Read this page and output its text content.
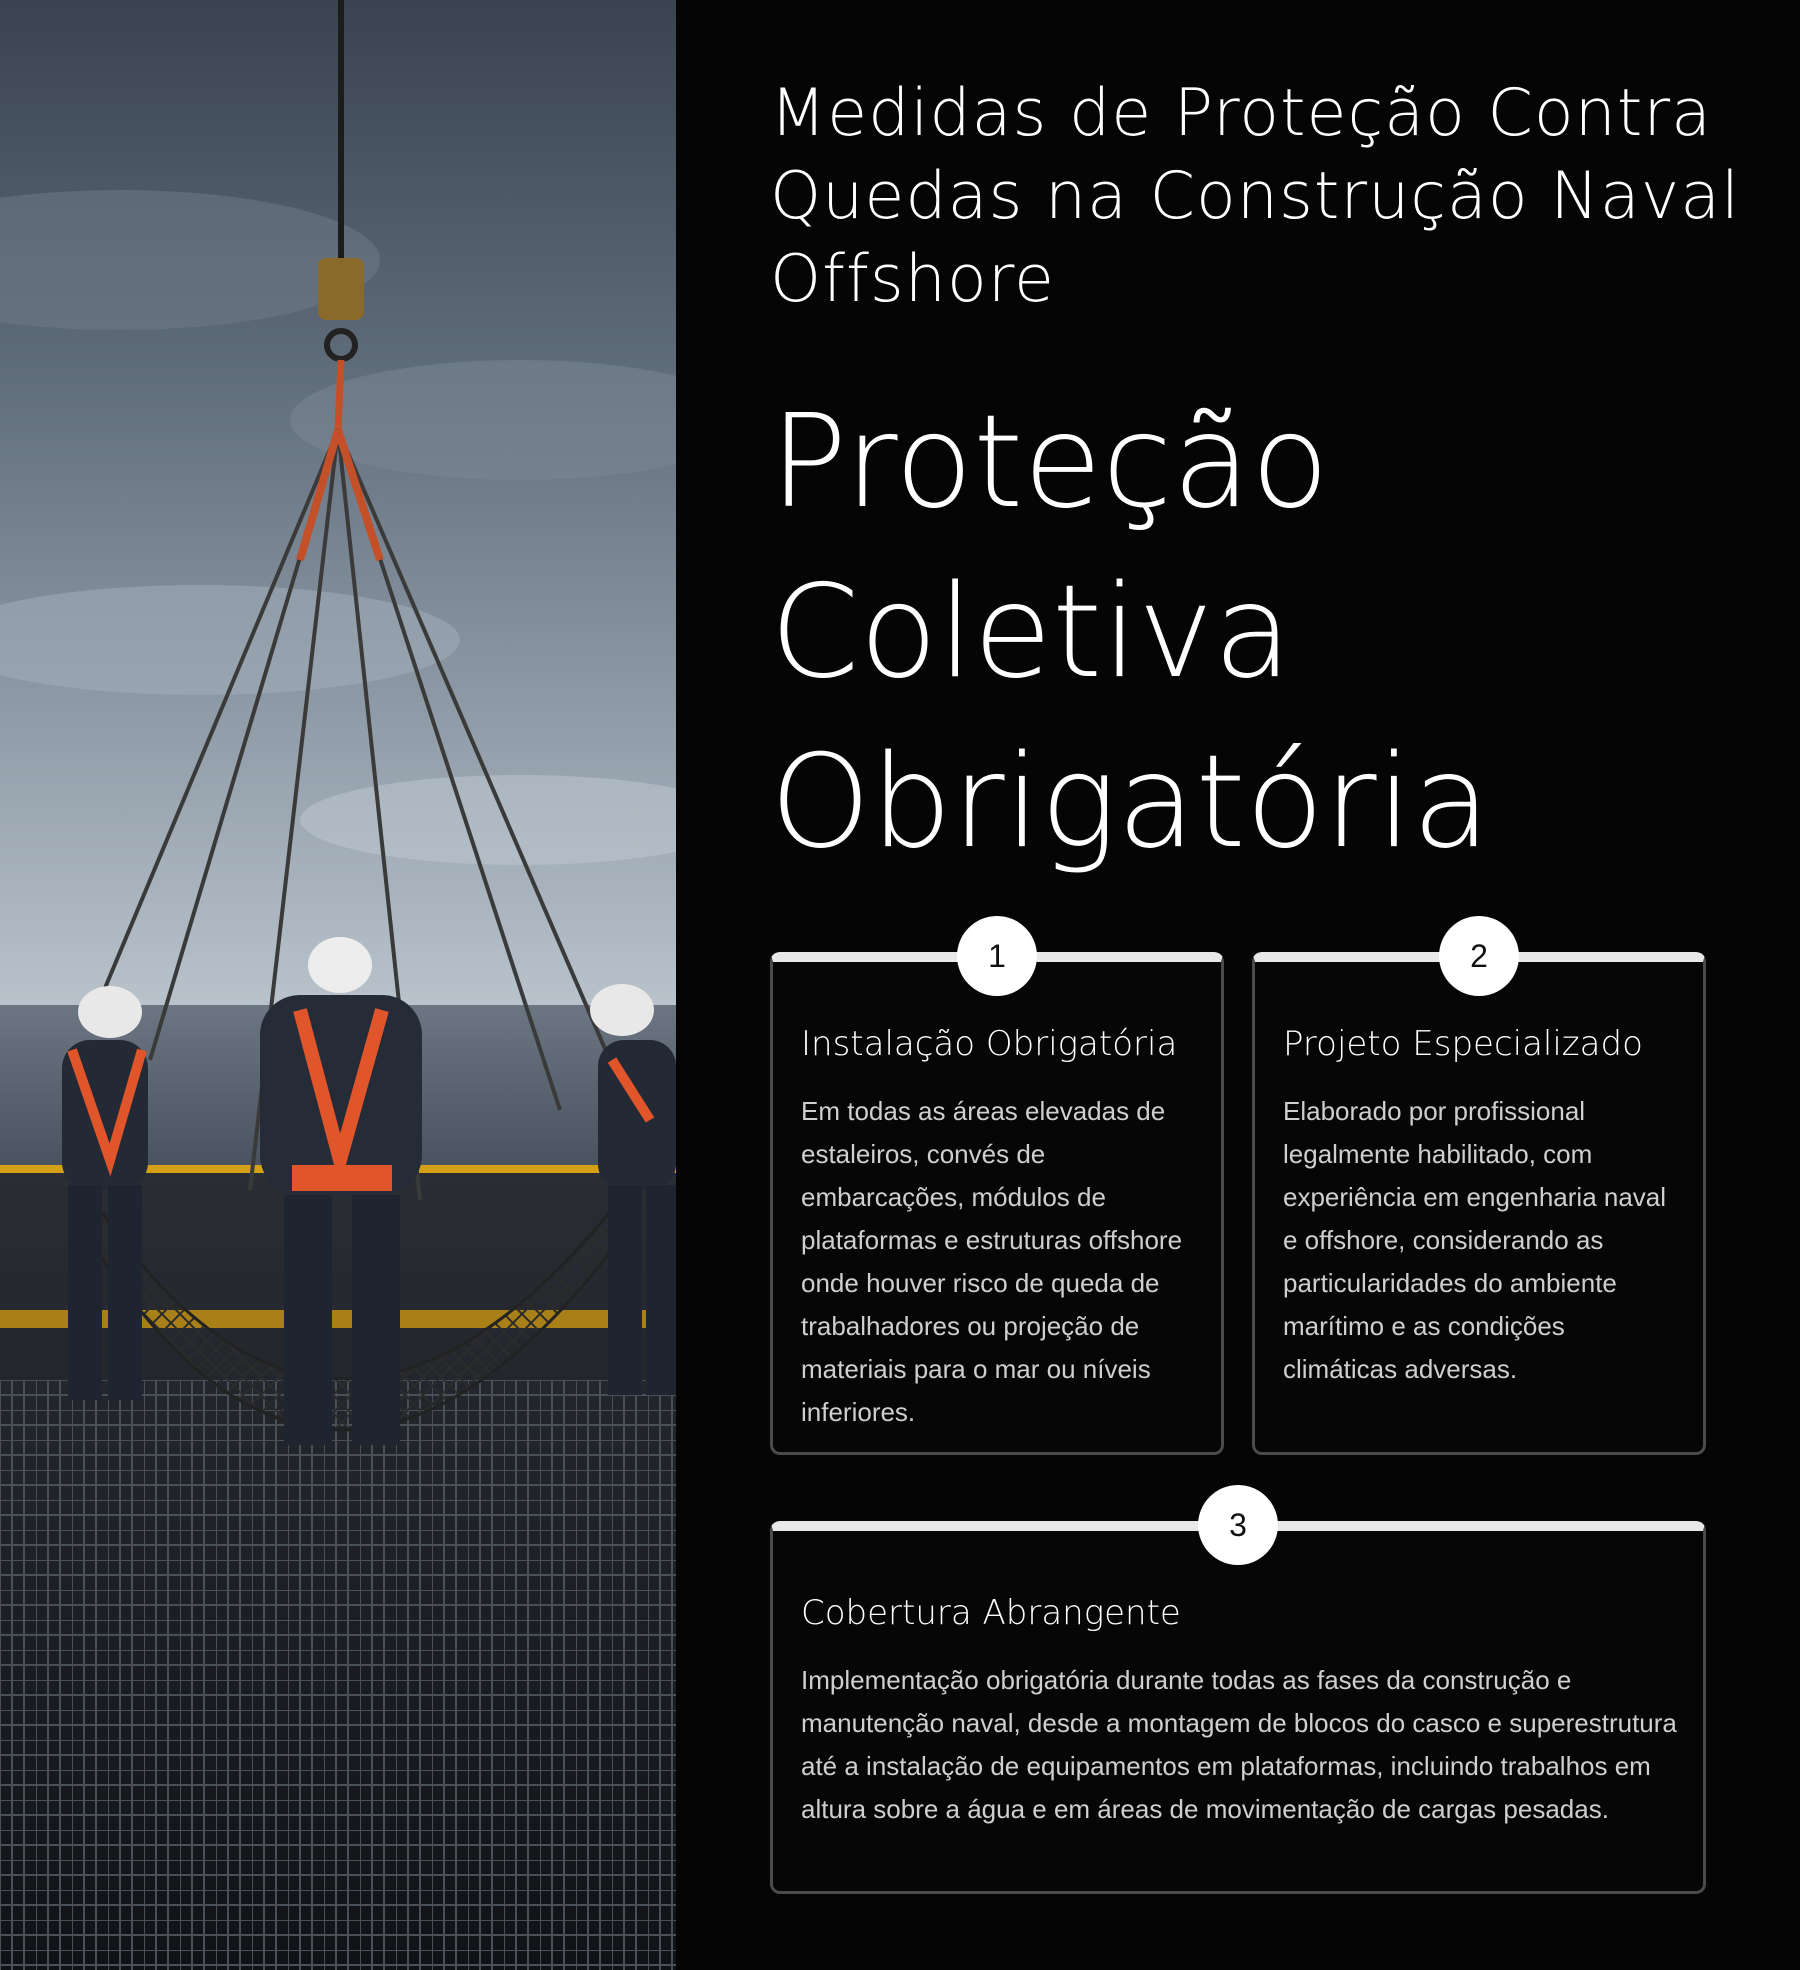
Medidas de Proteção Contra Quedas na Construção Naval Offshore
Proteção
Coletiva
Obrigatória
1
Instalação Obrigatória

Em todas as áreas elevadas de estaleiros, convés de embarcações, módulos de plataformas e estruturas offshore onde houver risco de queda de trabalhadores ou projeção de materiais para o mar ou níveis inferiores.

2
Projeto Especializado

Elaborado por profissional legalmente habilitado, com experiência em engenharia naval e offshore, considerando as particularidades do ambiente marítimo e as condições climáticas adversas.

3
Cobertura Abrangente

Implementação obrigatória durante todas as fases da construção e manutenção naval, desde a montagem de blocos do casco e superestrutura até a instalação de equipamentos em plataformas, incluindo trabalhos em altura sobre a água e em áreas de movimentação de cargas pesadas.
